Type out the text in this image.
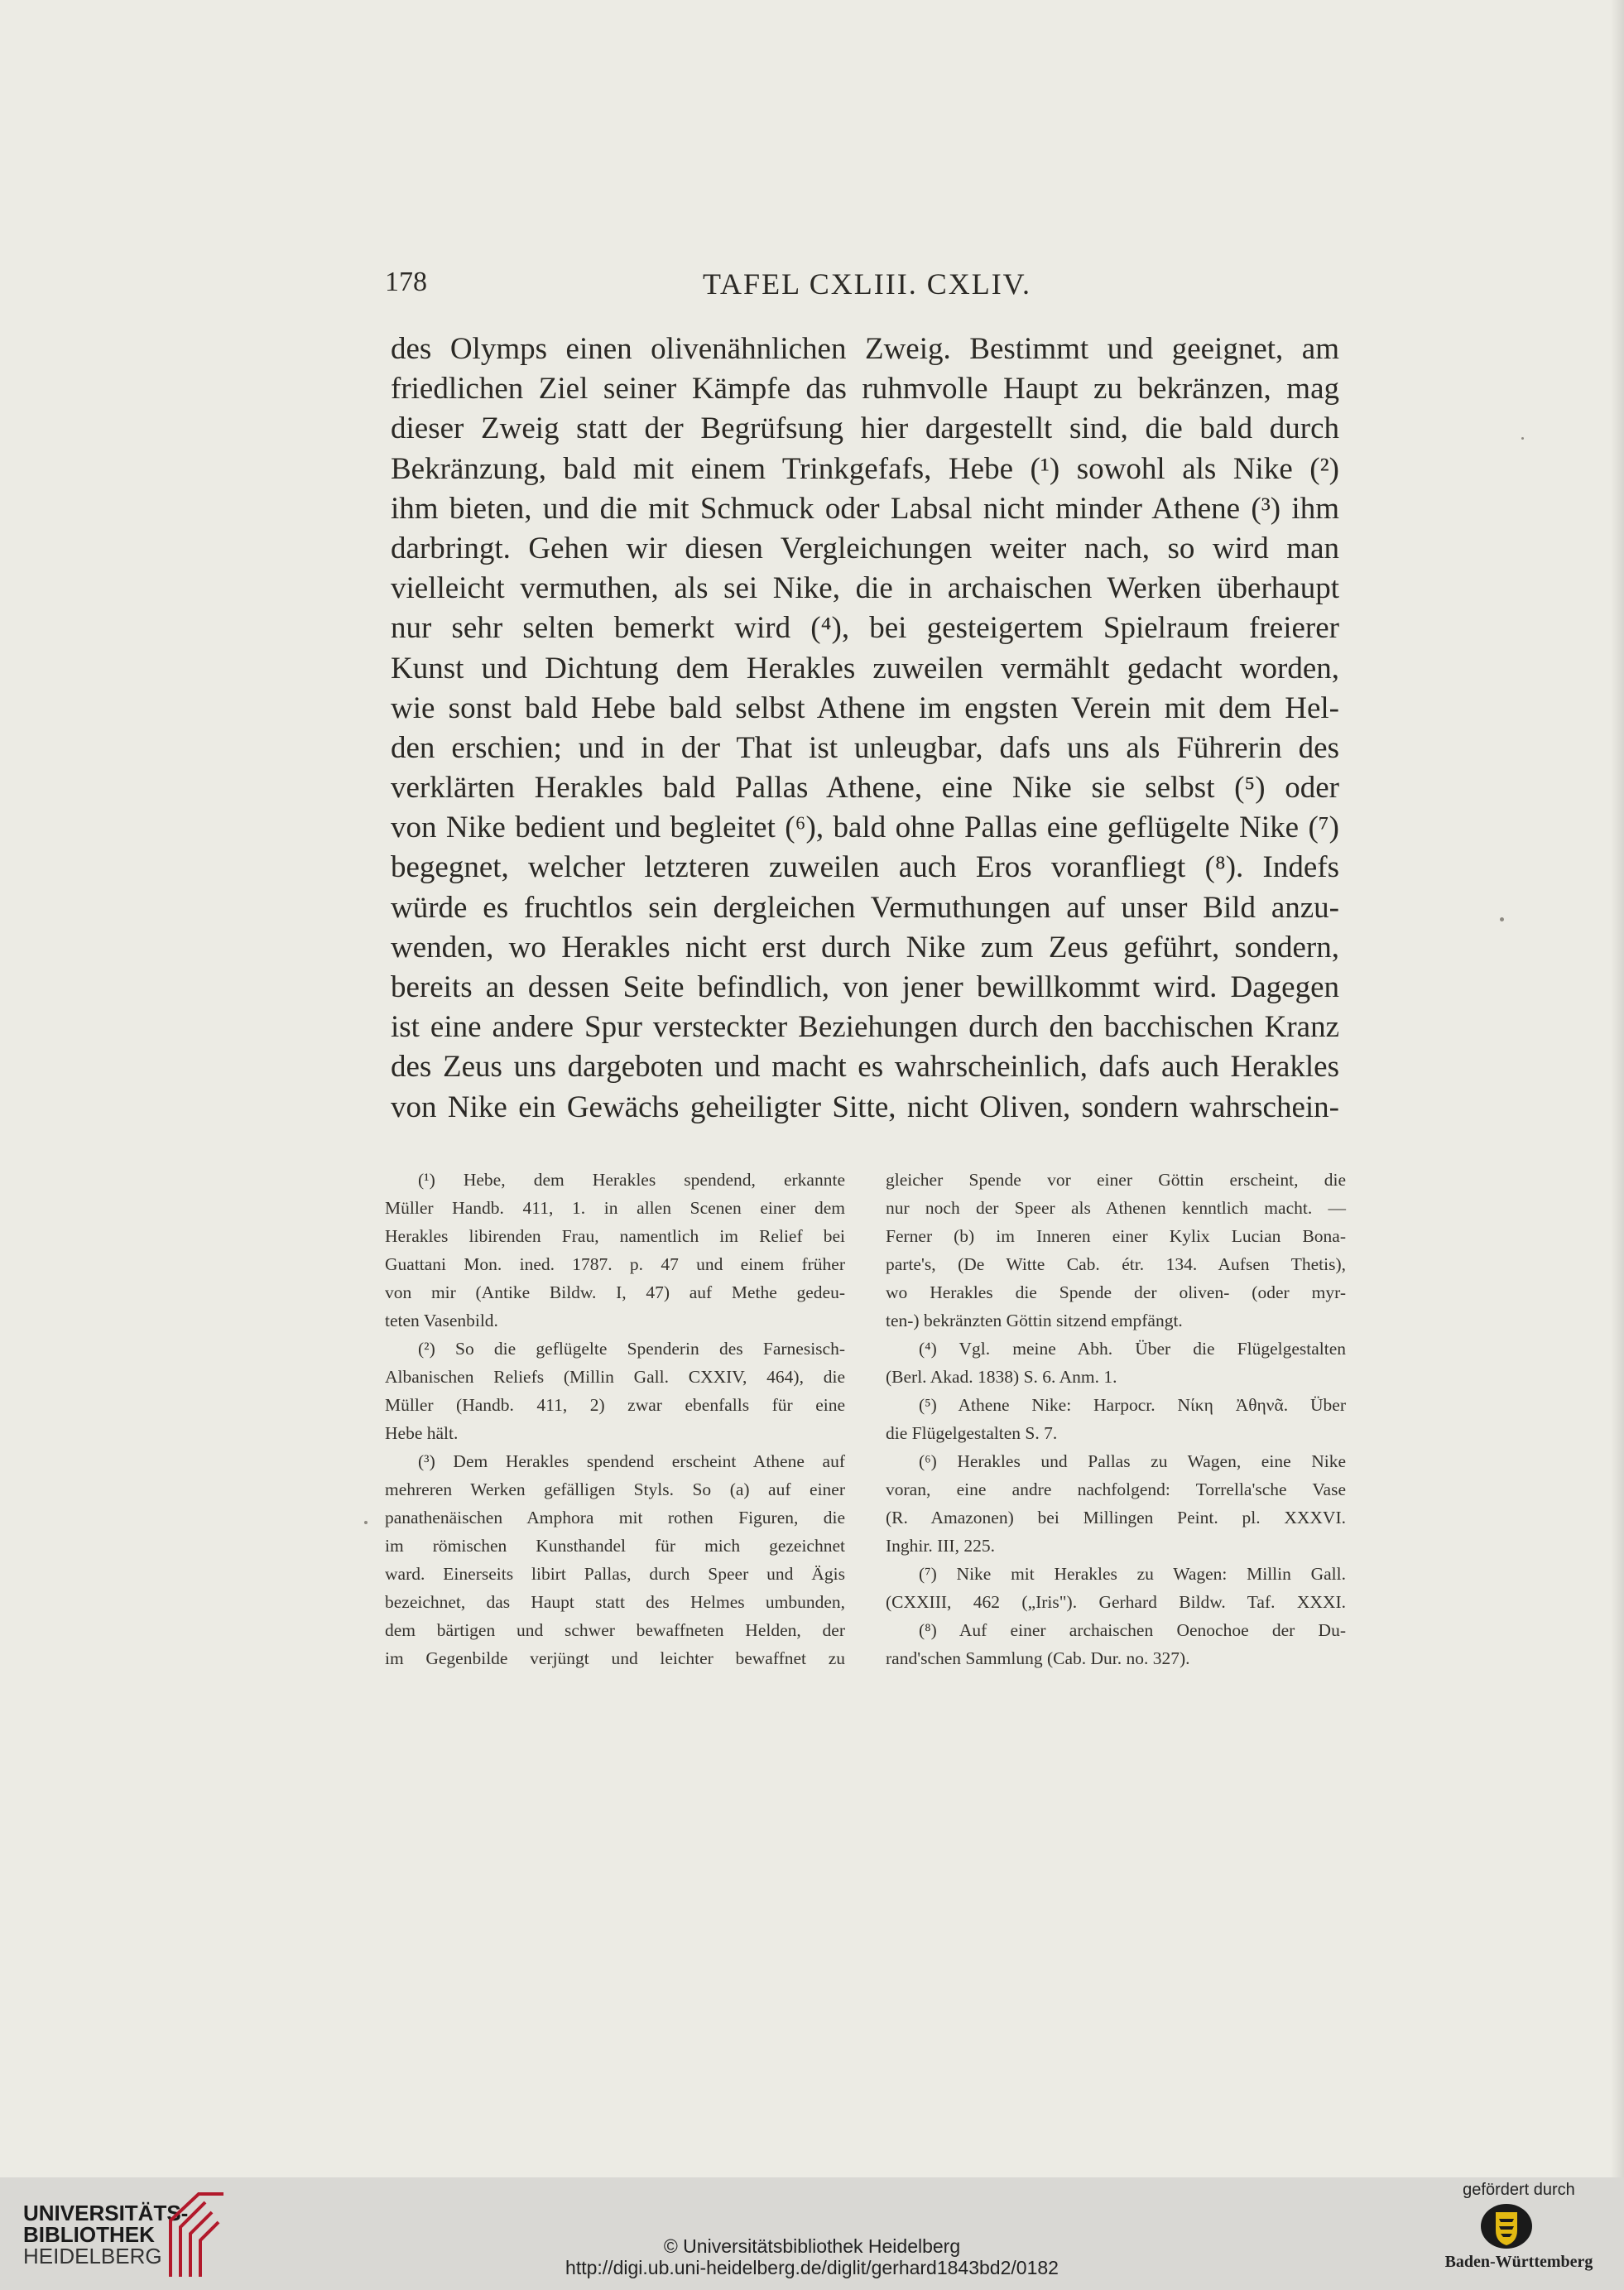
178	TAFEL CXLIII. CXLIV.
des Olymps einen olivenähnlichen Zweig. Bestimmt und geeignet, am
friedlichen Ziel seiner Kämpfe das ruhmvolle Haupt zu bekränzen, mag
dieser Zweig statt der Begrüfsung hier dargestellt sind, die bald durch
Bekränzung, bald mit einem Trinkgefafs, Hebe (¹) sowohl als Nike (²)
ihm bieten, und die mit Schmuck oder Labsal nicht minder Athene (³) ihm
darbringt. Gehen wir diesen Vergleichungen weiter nach, so wird man
vielleicht vermuthen, als sei Nike, die in archaischen Werken überhaupt
nur sehr selten bemerkt wird (⁴), bei gesteigertem Spielraum freierer
Kunst und Dichtung dem Herakles zuweilen vermählt gedacht worden,
wie sonst bald Hebe bald selbst Athene im engsten Verein mit dem Hel-
den erschien; und in der That ist unleugbar, dafs uns als Führerin des
verklärten Herakles bald Pallas Athene, eine Nike sie selbst (⁵) oder
von Nike bedient und begleitet (⁶), bald ohne Pallas eine geflügelte Nike (⁷)
begegnet, welcher letzteren zuweilen auch Eros voranfliegt (⁸). Indefs
würde es fruchtlos sein dergleichen Vermuthungen auf unser Bild anzu-
wenden, wo Herakles nicht erst durch Nike zum Zeus geführt, sondern,
bereits an dessen Seite befindlich, von jener bewillkommt wird. Dagegen
ist eine andere Spur versteckter Beziehungen durch den bacchischen Kranz
des Zeus uns dargeboten und macht es wahrscheinlich, dafs auch Herakles
von Nike ein Gewächs geheiligter Sitte, nicht Oliven, sondern wahrschein-
(¹) Hebe, dem Herakles spendend, erkannte
Müller Handb. 411, 1. in allen Scenen einer dem
Herakles libirenden Frau, namentlich im Relief bei
Guattani Mon. ined. 1787. p. 47 und einem früher
von mir (Antike Bildw. I, 47) auf Methe gedeu-
teten Vasenbild.
(²) So die geflügelte Spenderin des Farnesisch-
Albanischen Reliefs (Millin Gall. CXXIV, 464), die
Müller (Handb. 411, 2) zwar ebenfalls für eine
Hebe hält.
(³) Dem Herakles spendend erscheint Athene auf
mehreren Werken gefälligen Styls. So (a) auf einer
panathenäischen Amphora mit rothen Figuren, die
im römischen Kunsthandel für mich gezeichnet
ward. Einerseits libirt Pallas, durch Speer und Ägis
bezeichnet, das Haupt statt des Helmes umbunden,
dem bärtigen und schwer bewaffneten Helden, der
im Gegenbilde verjüngt und leichter bewaffnet zu
gleicher Spende vor einer Göttin erscheint, die
nur noch der Speer als Athenen kenntlich macht. —
Ferner (b) im Inneren einer Kylix Lucian Bona-
parte's, (De Witte Cab. étr. 134. Aufsen Thetis),
wo Herakles die Spende der oliven- (oder myr-
ten-) bekränzten Göttin sitzend empfängt.
(⁴) Vgl. meine Abh. Über die Flügelgestalten
(Berl. Akad. 1838) S. 6. Anm. 1.
(⁵) Athene Nike: Harpocr. Νίκη Ἀθηνᾶ. Über
die Flügelgestalten S. 7.
(⁶) Herakles und Pallas zu Wagen, eine Nike
voran, eine andre nachfolgend: Torrella'sche Vase
(R. Amazonen) bei Millingen Peint. pl. XXXVI.
Inghir. III, 225.
(⁷) Nike mit Herakles zu Wagen: Millin Gall.
(CXXIII, 462 („Iris"). Gerhard Bildw. Taf. XXXI.
(⁸) Auf einer archaischen Oenochoe der Du-
rand'schen Sammlung (Cab. Dur. no. 327).
UNIVERSITÄTS-
BIBLIOTHEK
HEIDELBERG	© Universitätsbibliothek Heidelberg
http://digi.ub.uni-heidelberg.de/diglit/gerhard1843bd2/0182
gefördert durch
Baden-Württemberg
